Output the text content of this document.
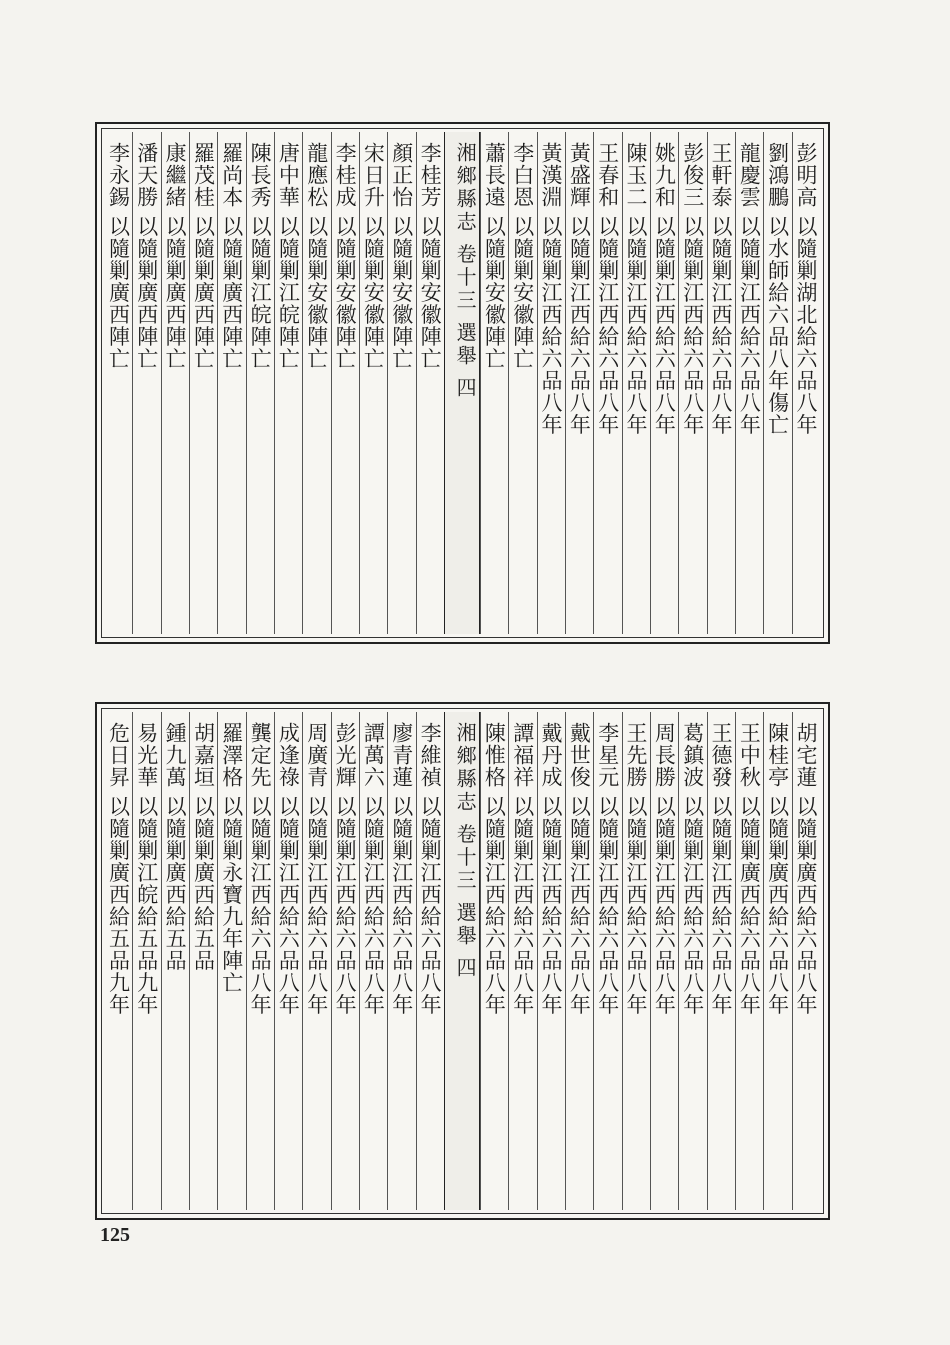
彭明高 以隨剿湖北給六品八年
劉鴻鵬 以水師給六品八年傷亡
龍慶雲 以隨剿江西給六品八年
王軒泰 以隨剿江西給六品八年
彭俊三 以隨剿江西給六品八年
姚九和 以隨剿江西給六品八年
陳玉二 以隨剿江西給六品八年
王春和 以隨剿江西給六品八年
黃盛輝 以隨剿江西給六品八年
黃漢淵 以隨剿江西給六品八年
李白恩 以隨剿安徽陣亡
蕭長遠 以隨剿安徽陣亡
湘鄉縣志 卷十三 選舉 四
李桂芳 以隨剿安徽陣亡
顏正怡 以隨剿安徽陣亡
宋日升 以隨剿安徽陣亡
李桂成 以隨剿安徽陣亡
龍應松 以隨剿安徽陣亡
唐中華 以隨剿江皖陣亡
陳長秀 以隨剿江皖陣亡
羅尚本 以隨剿廣西陣亡
羅茂桂 以隨剿廣西陣亡
康繼緒 以隨剿廣西陣亡
潘天勝 以隨剿廣西陣亡
李永錫 以隨剿廣西陣亡
胡宅蓮 以隨剿廣西給六品八年
陳桂亭 以隨剿廣西給六品八年
王中秋 以隨剿廣西給六品八年
王德發 以隨剿江西給六品八年
葛鎮波 以隨剿江西給六品八年
周長勝 以隨剿江西給六品八年
王先勝 以隨剿江西給六品八年
李星元 以隨剿江西給六品八年
戴世俊 以隨剿江西給六品八年
戴丹成 以隨剿江西給六品八年
譚福祥 以隨剿江西給六品八年
陳惟格 以隨剿江西給六品八年
湘鄉縣志 卷十三 選舉 四
李維禎 以隨剿江西給六品八年
廖青蓮 以隨剿江西給六品八年
譚萬六 以隨剿江西給六品八年
彭光輝 以隨剿江西給六品八年
周廣青 以隨剿江西給六品八年
成逢祿 以隨剿江西給六品八年
龔定先 以隨剿江西給六品八年
羅澤格 以隨剿永寶九年陣亡
胡嘉垣 以隨剿廣西給五品
鍾九萬 以隨剿廣西給五品
易光華 以隨剿江皖給五品九年
危日昇 以隨剿廣西給五品九年
125
